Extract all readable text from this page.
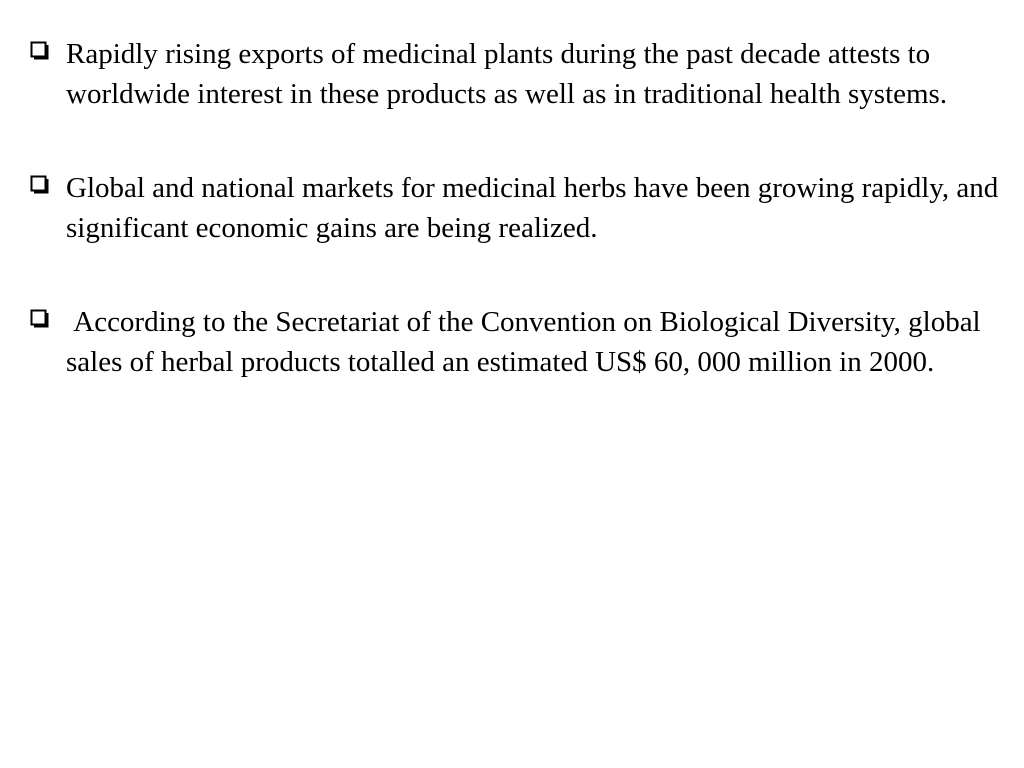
Rapidly rising exports of medicinal plants during the past decade attests to worldwide interest in these products as well as in traditional health systems.
Global and national markets for medicinal herbs have been growing rapidly, and significant economic gains are being realized.
According to the Secretariat of the Convention on Biological Diversity, global sales of herbal products totalled an estimated US$ 60, 000 million in 2000.
